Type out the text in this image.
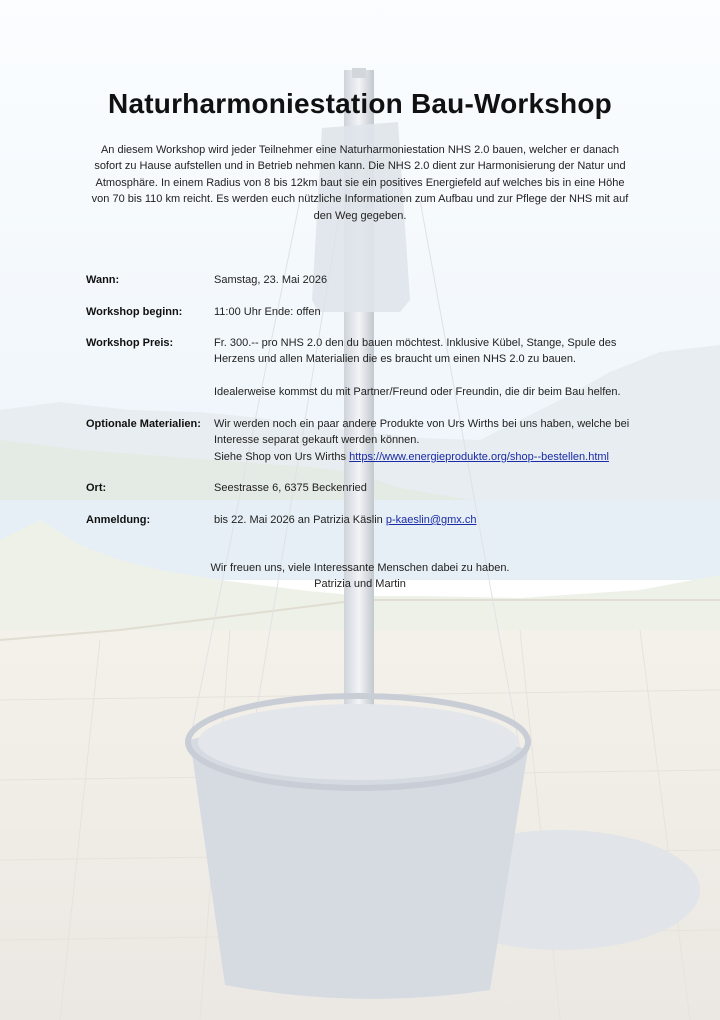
Naturharmoniestation Bau-Workshop
An diesem Workshop wird jeder Teilnehmer eine Naturharmoniestation NHS 2.0 bauen, welcher er danach sofort zu Hause aufstellen und in Betrieb nehmen kann. Die NHS 2.0 dient zur Harmonisierung der Natur und Atmosphäre. In einem Radius von 8 bis 12km baut sie ein positives Energiefeld auf welches bis in eine Höhe von 70 bis 110 km reicht. Es werden euch nützliche Informationen zum Aufbau und zur Pflege der NHS mit auf den Weg gegeben.
Wann:	Samstag, 23. Mai 2026
Workshop beginn:	11:00 Uhr Ende: offen
Workshop Preis:	Fr. 300.-- pro NHS 2.0 den du bauen möchtest. Inklusive Kübel, Stange, Spule des Herzens und allen Materialien die es braucht um einen NHS 2.0 zu bauen.

Idealerweise kommst du mit Partner/Freund oder Freundin, die dir beim Bau helfen.

Optionale Materialien:	Wir werden noch ein paar andere Produkte von Urs Wirths bei uns haben, welche bei Interesse separat gekauft werden können.

Siehe Shop von Urs Wirths https://www.energieprodukte.org/shop--bestellen.html

Ort:	Seestrasse 6, 6375 Beckenried
Anmeldung:	bis 22. Mai 2026 an Patrizia Käslin p-kaeslin@gmx.ch
Wir freuen uns, viele Interessante Menschen dabei zu haben.
Patrizia und Martin
